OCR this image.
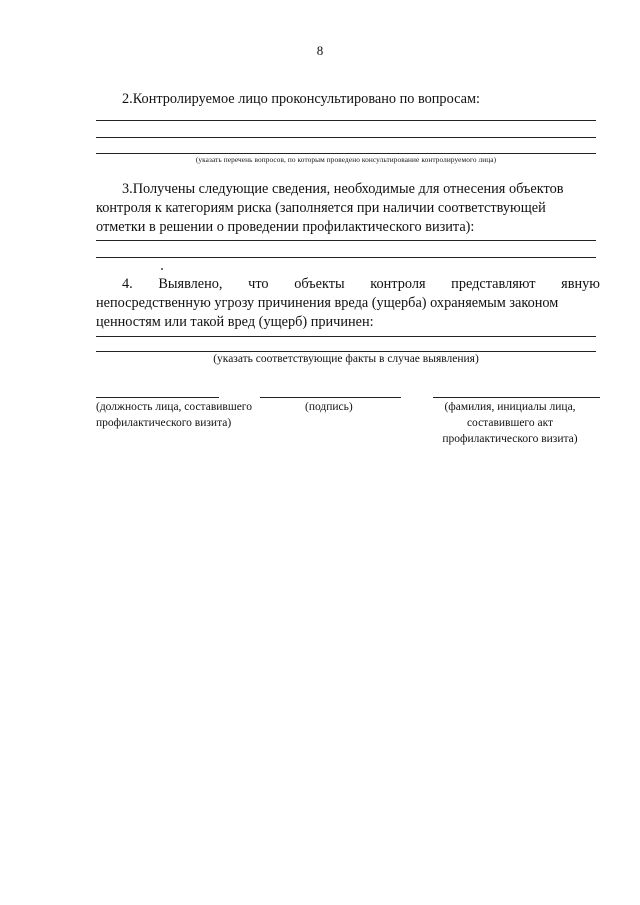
8
2.Контролируемое лицо проконсультировано по вопросам:
(указать перечень вопросов, по которым проведено консультирование контролируемого лица)
3.Получены следующие сведения, необходимые для отнесения объектов
контроля к категориям риска (заполняется при наличии соответствующей
отметки в решении о проведении профилактического визита):
4. Выявлено, что объекты контроля представляют явную
непосредственную угрозу причинения вреда (ущерба) охраняемым законом
ценностям или такой вред (ущерб) причинен:
(указать соответствующие факты в случае выявления)
(должность лица, составившего
профилактического визита)
(подпись)	(фамилия, инициалы лица,
составившего акт
профилактического визита)
